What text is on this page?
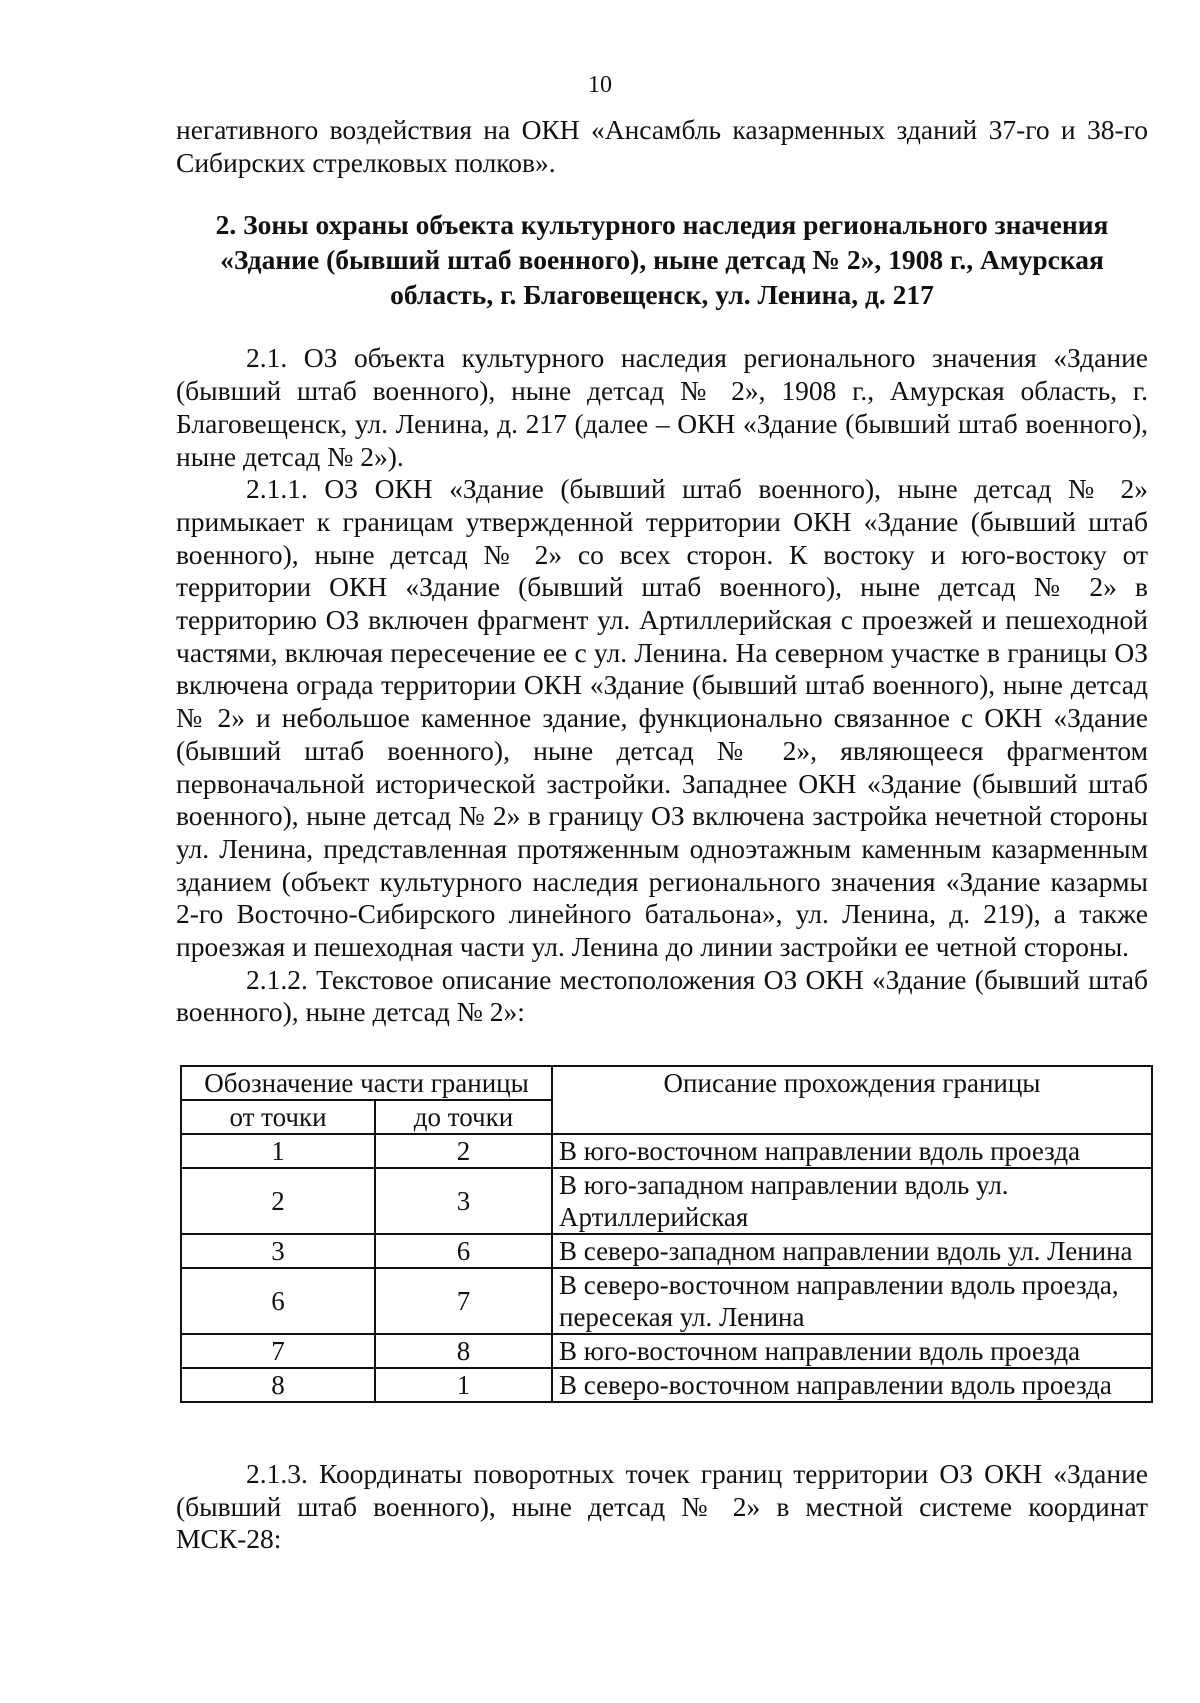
10

негативного воздействия на ОКН «Ансамбль казарменных зданий 37-го и 38-го Сибирских стрелковых полков».

2. Зоны охраны объекта культурного наследия регионального значения
«Здание (бывший штаб военного), ныне детсад № 2», 1908 г., Амурская
область, г. Благовещенск, ул. Ленина, д. 217

2.1. ОЗ объекта культурного наследия регионального значения «Здание (бывший штаб военного), ныне детсад № 2», 1908 г., Амурская область, г. Благовещенск, ул. Ленина, д. 217 (далее – ОКН «Здание (бывший штаб военного), ныне детсад № 2»).

2.1.1. ОЗ ОКН «Здание (бывший штаб военного), ныне детсад № 2» примыкает к границам утвержденной территории ОКН «Здание (бывший штаб военного), ныне детсад № 2» со всех сторон. К востоку и юго-востоку от территории ОКН «Здание (бывший штаб военного), ныне детсад № 2» в территорию ОЗ включен фрагмент ул. Артиллерийская с проезжей и пешеходной частями, включая пересечение ее с ул. Ленина. На северном участке в границы ОЗ включена ограда территории ОКН «Здание (бывший штаб военного), ныне детсад № 2» и небольшое каменное здание, функционально связанное с ОКН «Здание (бывший штаб военного), ныне детсад № 2», являющееся фрагментом первоначальной исторической застройки. Западнее ОКН «Здание (бывший штаб военного), ныне детсад № 2» в границу ОЗ включена застройка нечетной стороны ул. Ленина, представленная протяженным одноэтажным каменным казарменным зданием (объект культурного наследия регионального значения «Здание казармы 2-го Восточно-Сибирского линейного батальона», ул. Ленина, д. 219), а также проезжая и пешеходная части ул. Ленина до линии застройки ее четной стороны.

2.1.2. Текстовое описание местоположения ОЗ ОКН «Здание (бывший штаб военного), ныне детсад № 2»:

Обозначение части границы		Описание прохождения границы
от точки	до точки	
1	2	В юго-восточном направлении вдоль проезда
2	3	В юго-западном направлении вдоль ул. Артиллерийская
3	6	В северо-западном направлении вдоль ул. Ленина
6	7	В северо-восточном направлении вдоль проезда, пересекая ул. Ленина
7	8	В юго-восточном направлении вдоль проезда
8	1	В северо-восточном направлении вдоль проезда

2.1.3. Координаты поворотных точек границ территории ОЗ ОКН «Здание (бывший штаб военного), ныне детсад № 2» в местной системе координат МСК-28:
